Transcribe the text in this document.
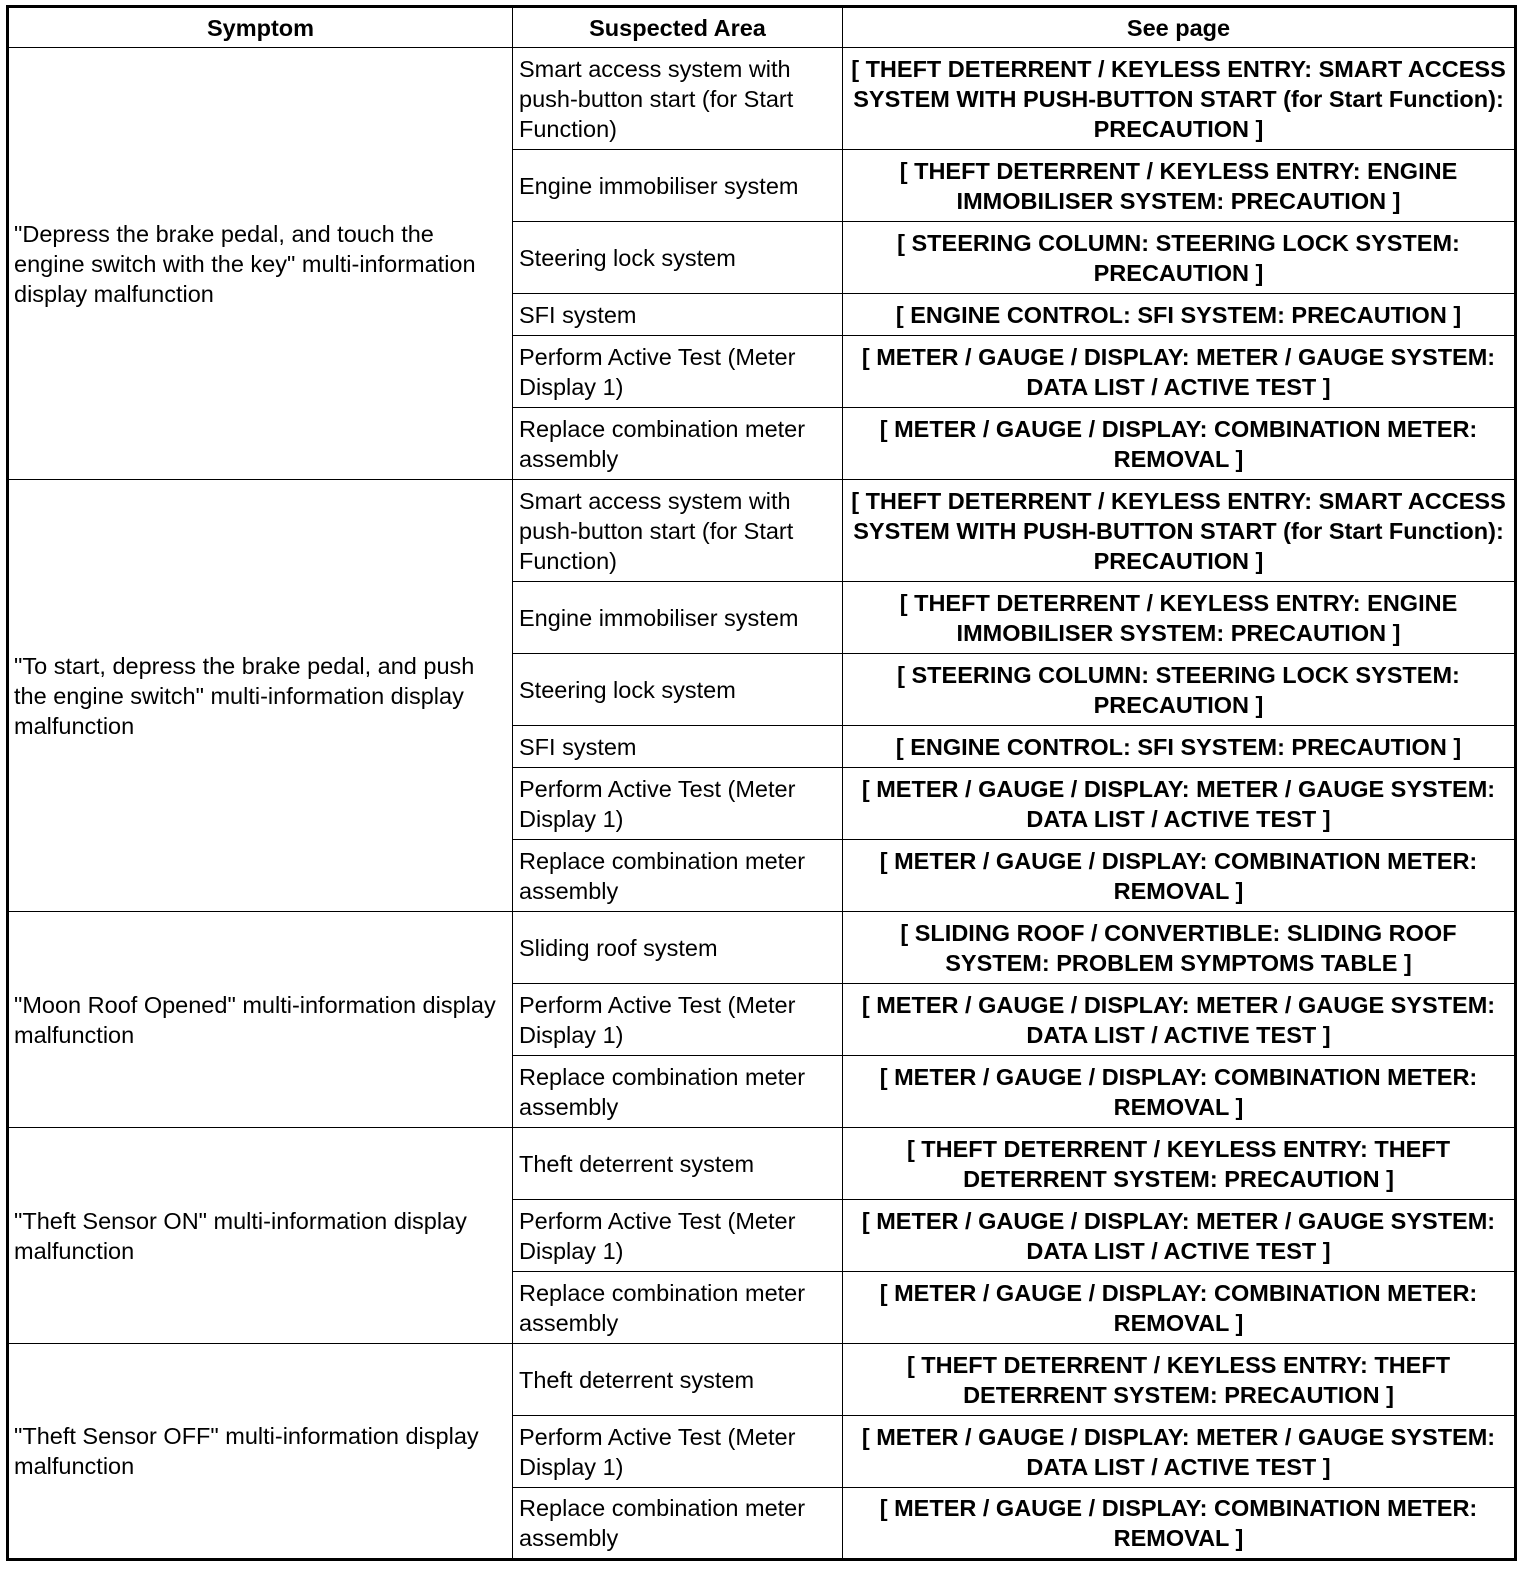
Symptom	Suspected Area	See page
"Depress the brake pedal, and touch the engine switch with the key" multi-information display malfunction	Smart access system with push-button start (for Start Function)	[ THEFT DETERRENT / KEYLESS ENTRY: SMART ACCESS SYSTEM WITH PUSH-BUTTON START (for Start Function): PRECAUTION ]
	Engine immobiliser system	[ THEFT DETERRENT / KEYLESS ENTRY: ENGINE IMMOBILISER SYSTEM: PRECAUTION ]
	Steering lock system	[ STEERING COLUMN: STEERING LOCK SYSTEM: PRECAUTION ]
	SFI system	[ ENGINE CONTROL: SFI SYSTEM: PRECAUTION ]
	Perform Active Test (Meter Display 1)	[ METER / GAUGE / DISPLAY: METER / GAUGE SYSTEM: DATA LIST / ACTIVE TEST ]
	Replace combination meter assembly	[ METER / GAUGE / DISPLAY: COMBINATION METER: REMOVAL ]
"To start, depress the brake pedal, and push the engine switch" multi-information display malfunction	Smart access system with push-button start (for Start Function)	[ THEFT DETERRENT / KEYLESS ENTRY: SMART ACCESS SYSTEM WITH PUSH-BUTTON START (for Start Function): PRECAUTION ]
	Engine immobiliser system	[ THEFT DETERRENT / KEYLESS ENTRY: ENGINE IMMOBILISER SYSTEM: PRECAUTION ]
	Steering lock system	[ STEERING COLUMN: STEERING LOCK SYSTEM: PRECAUTION ]
	SFI system	[ ENGINE CONTROL: SFI SYSTEM: PRECAUTION ]
	Perform Active Test (Meter Display 1)	[ METER / GAUGE / DISPLAY: METER / GAUGE SYSTEM: DATA LIST / ACTIVE TEST ]
	Replace combination meter assembly	[ METER / GAUGE / DISPLAY: COMBINATION METER: REMOVAL ]
"Moon Roof Opened" multi-information display malfunction	Sliding roof system	[ SLIDING ROOF / CONVERTIBLE: SLIDING ROOF SYSTEM: PROBLEM SYMPTOMS TABLE ]
	Perform Active Test (Meter Display 1)	[ METER / GAUGE / DISPLAY: METER / GAUGE SYSTEM: DATA LIST / ACTIVE TEST ]
	Replace combination meter assembly	[ METER / GAUGE / DISPLAY: COMBINATION METER: REMOVAL ]
"Theft Sensor ON" multi-information display malfunction	Theft deterrent system	[ THEFT DETERRENT / KEYLESS ENTRY: THEFT DETERRENT SYSTEM: PRECAUTION ]
	Perform Active Test (Meter Display 1)	[ METER / GAUGE / DISPLAY: METER / GAUGE SYSTEM: DATA LIST / ACTIVE TEST ]
	Replace combination meter assembly	[ METER / GAUGE / DISPLAY: COMBINATION METER: REMOVAL ]
"Theft Sensor OFF" multi-information display malfunction	Theft deterrent system	[ THEFT DETERRENT / KEYLESS ENTRY: THEFT DETERRENT SYSTEM: PRECAUTION ]
	Perform Active Test (Meter Display 1)	[ METER / GAUGE / DISPLAY: METER / GAUGE SYSTEM: DATA LIST / ACTIVE TEST ]
	Replace combination meter assembly	[ METER / GAUGE / DISPLAY: COMBINATION METER: REMOVAL ]
